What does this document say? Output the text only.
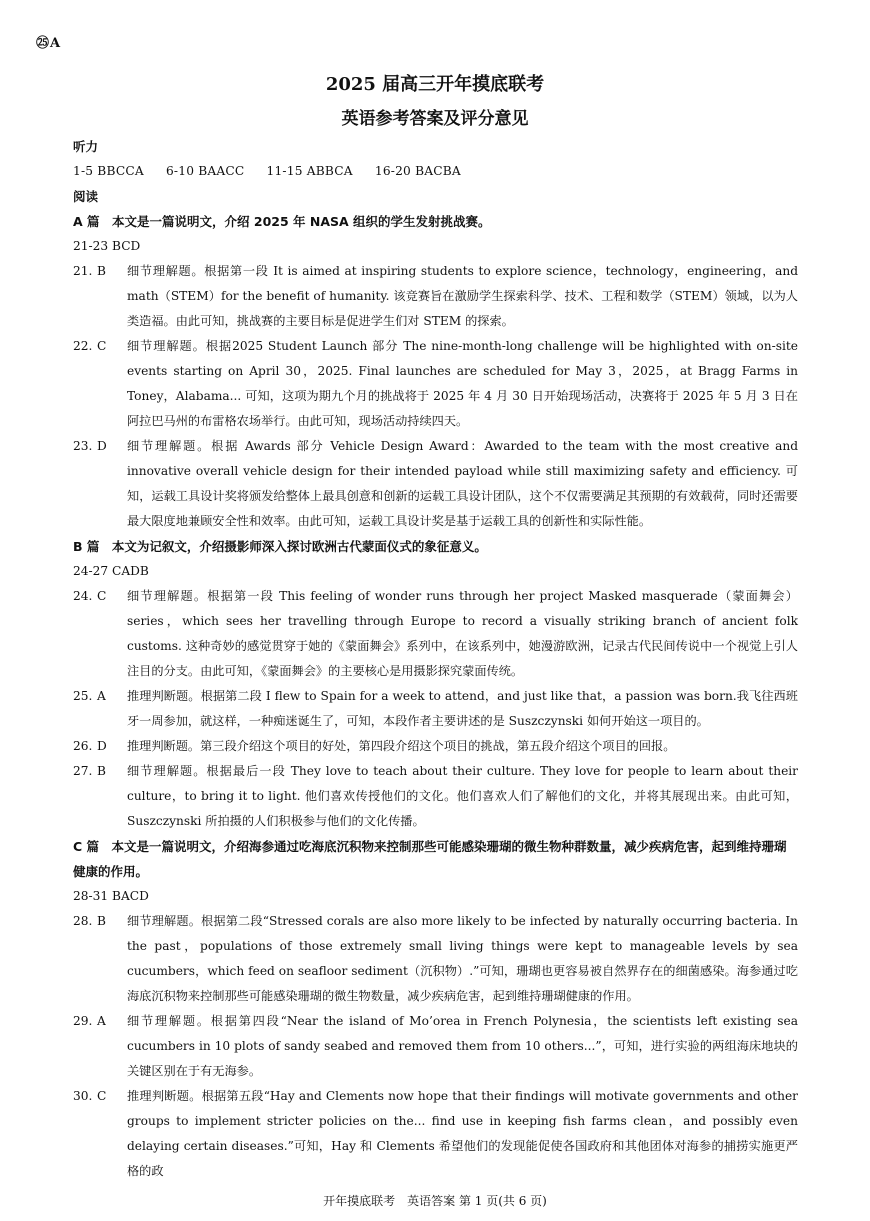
㉕A
2025 届高三开年摸底联考
英语参考答案及评分意见
听力
1-5 BBCCA 6-10 BAACC 11-15 ABBCA 16-20 BACBA
阅读
A 篇　本文是一篇说明文，介绍 2025 年 NASA 组织的学生发射挑战赛。
21-23 BCD
21. B	细节理解题。根据第一段 It is aimed at inspiring students to explore science，technology，engineering，and math（STEM）for the benefit of humanity. 该竞赛旨在激励学生探索科学、技术、工程和数学（STEM）领域，以为人类造福。由此可知，挑战赛的主要目标是促进学生们对 STEM 的探索。
22. C	细节理解题。根据2025 Student Launch 部分 The nine-month-long challenge will be highlighted with on-site events starting on April 30，2025. Final launches are scheduled for May 3，2025，at Bragg Farms in Toney，Alabama... 可知，这项为期九个月的挑战将于 2025 年 4 月 30 日开始现场活动，决赛将于 2025 年 5 月 3 日在阿拉巴马州的布雷格农场举行。由此可知，现场活动持续四天。
23. D	细节理解题。根据 Awards 部分 Vehicle Design Award：Awarded to the team with the most creative and innovative overall vehicle design for their intended payload while still maximizing safety and efficiency. 可知，运载工具设计奖将颁发给整体上最具创意和创新的运载工具设计团队，这个不仅需要满足其预期的有效载荷，同时还需要最大限度地兼顾安全性和效率。由此可知，运载工具设计奖是基于运载工具的创新性和实际性能。
B 篇　本文为记叙文，介绍摄影师深入探讨欧洲古代蒙面仪式的象征意义。
24-27 CADB
24. C	细节理解题。根据第一段 This feeling of wonder runs through her project Masked masquerade（蒙面舞会）series，which sees her travelling through Europe to record a visually striking branch of ancient folk customs. 这种奇妙的感觉贯穿于她的《蒙面舞会》系列中，在该系列中，她漫游欧洲，记录古代民间传说中一个视觉上引人注目的分支。由此可知，《蒙面舞会》的主要核心是用摄影探究蒙面传统。
25. A	推理判断题。根据第二段 I flew to Spain for a week to attend，and just like that，a passion was born.我飞往西班牙一周参加，就这样，一种痴迷诞生了，可知，本段作者主要讲述的是 Suszczynski 如何开始这一项目的。
26. D	推理判断题。第三段介绍这个项目的好处，第四段介绍这个项目的挑战，第五段介绍这个项目的回报。
27. B	细节理解题。根据最后一段 They love to teach about their culture. They love for people to learn about their culture，to bring it to light. 他们喜欢传授他们的文化。他们喜欢人们了解他们的文化，并将其展现出来。由此可知，Suszczynski 所拍摄的人们积极参与他们的文化传播。
C 篇　本文是一篇说明文，介绍海参通过吃海底沉积物来控制那些可能感染珊瑚的微生物种群数量，减少疾病危害，起到维持珊瑚健康的作用。
28-31 BACD
28. B	细节理解题。根据第二段“Stressed corals are also more likely to be infected by naturally occurring bacteria. In the past，populations of those extremely small living things were kept to manageable levels by sea cucumbers，which feed on seafloor sediment（沉积物）.”可知，珊瑚也更容易被自然界存在的细菌感染。海参通过吃海底沉积物来控制那些可能感染珊瑚的微生物数量，减少疾病危害，起到维持珊瑚健康的作用。
29. A	细节理解题。根据第四段“Near the island of Mo’orea in French Polynesia，the scientists left existing sea cucumbers in 10 plots of sandy seabed and removed them from 10 others...”，可知，进行实验的两组海床地块的关键区别在于有无海参。
30. C	推理判断题。根据第五段“Hay and Clements now hope that their findings will motivate governments and other groups to implement stricter policies on the... find use in keeping fish farms clean，and possibly even delaying certain diseases.”可知，Hay 和 Clements 希望他们的发现能促使各国政府和其他团体对海参的捕捞实施更严格的政
开年摸底联考　英语答案 第 1 页(共 6 页)
